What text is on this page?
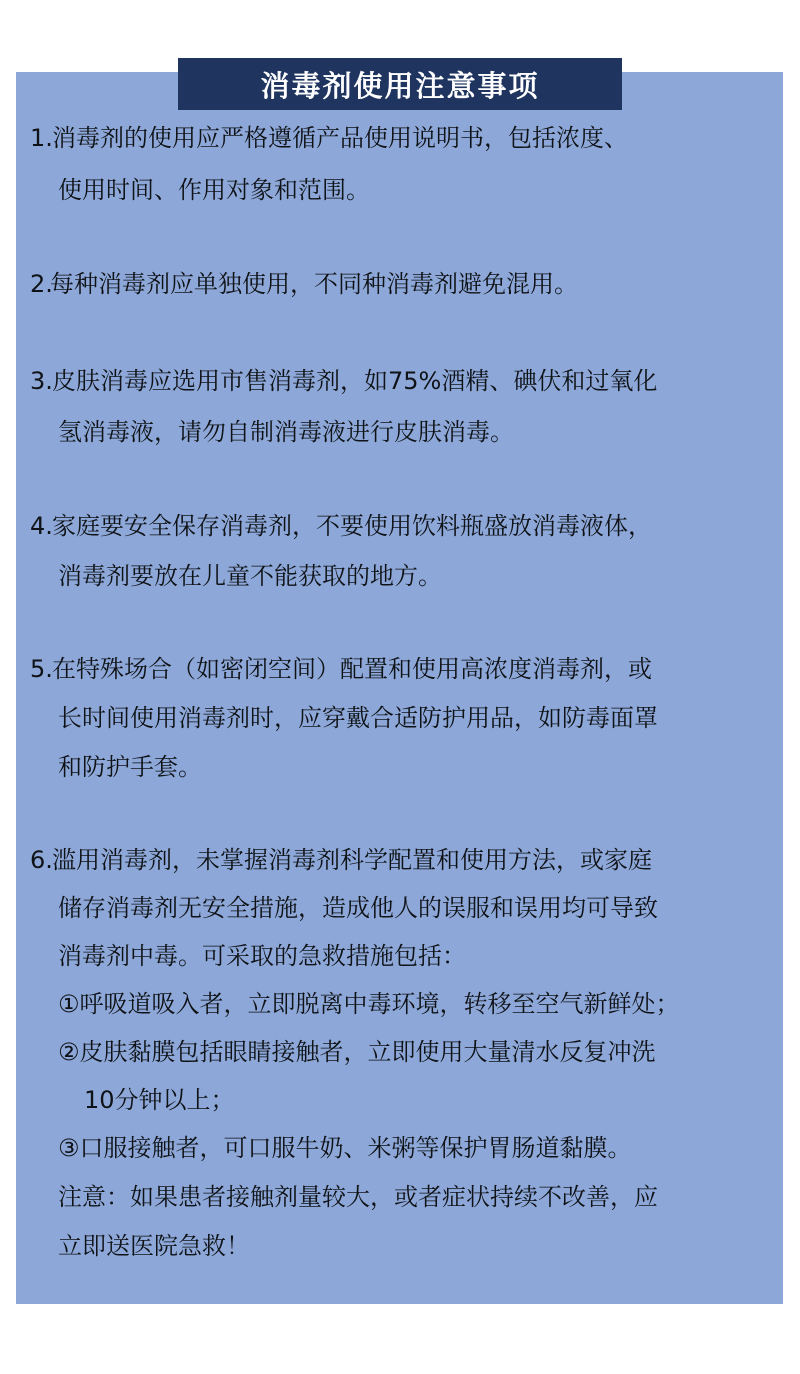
消毒剂使用注意事项
1. 消毒剂的使用应严格遵循产品使用说明书，包括浓度、
使用时间、作用对象和范围。
2.
每种消毒剂应单独使用，不同种消毒剂避免混用。
3. 皮肤消毒应选用市售消毒剂，如75%酒精、碘伏和过氧化
氢消毒液，请勿自制消毒液进行皮肤消毒。
4. 家庭要安全保存消毒剂，不要使用饮料瓶盛放消毒液体，
消毒剂要放在儿童不能获取的地方。
5. 在特殊场合（如密闭空间）配置和使用高浓度消毒剂，或
长时间使用消毒剂时，应穿戴合适防护用品，如防毒面罩
和防护手套。
6. 滥用消毒剂，未掌握消毒剂科学配置和使用方法，或家庭
储存消毒剂无安全措施，造成他人的误服和误用均可导致
消毒剂中毒。可采取的急救措施包括：
①呼吸道吸入者，立即脱离中毒环境，转移至空气新鲜处；
②皮肤黏膜包括眼睛接触者，立即使用大量清水反复冲洗
10分钟以上；
③口服接触者，可口服牛奶、米粥等保护胃肠道黏膜。
注意：如果患者接触剂量较大，或者症状持续不改善，应
立即送医院急救！
